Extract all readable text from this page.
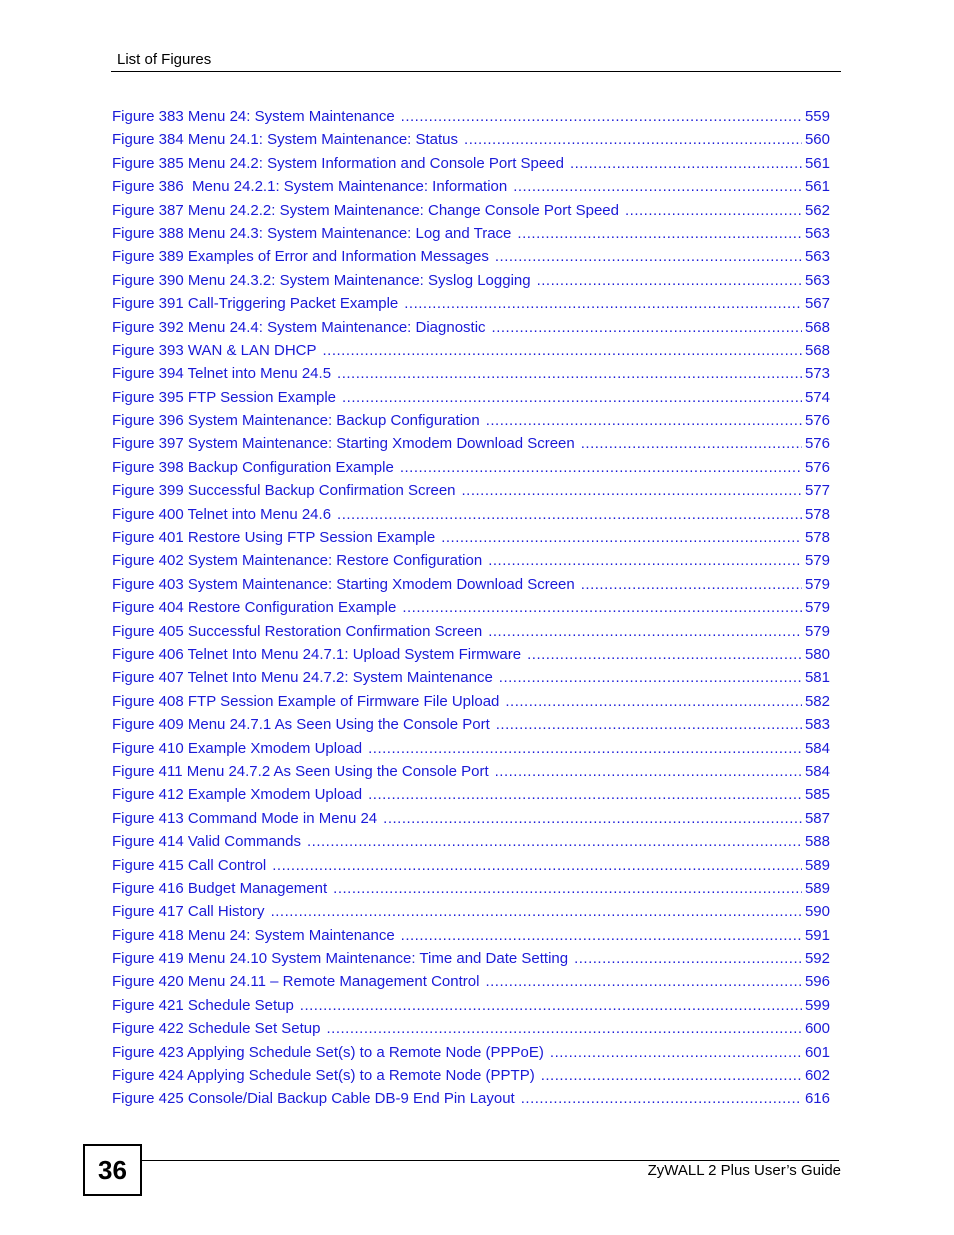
List of Figures
Figure 383 Menu 24: System Maintenance .....	559
Figure 384 Menu 24.1: System Maintenance: Status .....	560
Figure 385 Menu 24.2: System Information and Console Port Speed .....	561
Figure 386  Menu 24.2.1: System Maintenance: Information .....	561
Figure 387 Menu 24.2.2: System Maintenance: Change Console Port Speed .....	562
Figure 388 Menu 24.3: System Maintenance: Log and Trace .....	563
Figure 389 Examples of Error and Information Messages .....	563
Figure 390 Menu 24.3.2: System Maintenance: Syslog Logging .....	563
Figure 391 Call-Triggering Packet Example .....	567
Figure 392 Menu 24.4: System Maintenance: Diagnostic .....	568
Figure 393 WAN & LAN DHCP .....	568
Figure 394 Telnet into Menu 24.5 .....	573
Figure 395 FTP Session Example .....	574
Figure 396 System Maintenance: Backup Configuration .....	576
Figure 397 System Maintenance: Starting Xmodem Download Screen .....	576
Figure 398 Backup Configuration Example .....	576
Figure 399 Successful Backup Confirmation Screen .....	577
Figure 400 Telnet into Menu 24.6 .....	578
Figure 401 Restore Using FTP Session Example .....	578
Figure 402 System Maintenance: Restore Configuration .....	579
Figure 403 System Maintenance: Starting Xmodem Download Screen .....	579
Figure 404 Restore Configuration Example .....	579
Figure 405 Successful Restoration Confirmation Screen .....	579
Figure 406 Telnet Into Menu 24.7.1: Upload System Firmware .....	580
Figure 407 Telnet Into Menu 24.7.2: System Maintenance .....	581
Figure 408 FTP Session Example of Firmware File Upload .....	582
Figure 409 Menu 24.7.1 As Seen Using the Console Port .....	583
Figure 410 Example Xmodem Upload .....	584
Figure 411 Menu 24.7.2 As Seen Using the Console Port .....	584
Figure 412 Example Xmodem Upload .....	585
Figure 413 Command Mode in Menu 24 .....	587
Figure 414 Valid Commands .....	588
Figure 415 Call Control .....	589
Figure 416 Budget Management .....	589
Figure 417 Call History .....	590
Figure 418 Menu 24: System Maintenance .....	591
Figure 419 Menu 24.10 System Maintenance: Time and Date Setting .....	592
Figure 420 Menu 24.11 – Remote Management Control .....	596
Figure 421 Schedule Setup .....	599
Figure 422 Schedule Set Setup .....	600
Figure 423 Applying Schedule Set(s) to a Remote Node (PPPoE) .....	601
Figure 424 Applying Schedule Set(s) to a Remote Node (PPTP) .....	602
Figure 425 Console/Dial Backup Cable DB-9 End Pin Layout .....	616
36	ZyWALL 2 Plus User’s Guide
